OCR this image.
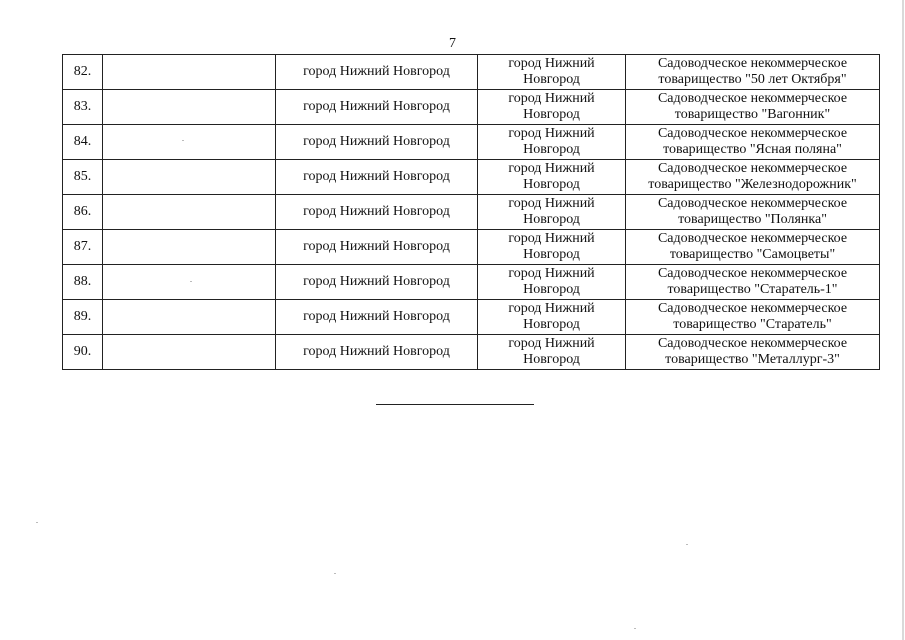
7
82.		город Нижний Новгород	город Нижний
Новгород	Садоводческое некоммерческое
товарищество "50 лет Октября"

83.		город Нижний Новгород	город Нижний
Новгород	Садоводческое некоммерческое
товарищество "Вагонник"

84.		город Нижний Новгород	город Нижний
Новгород	Садоводческое некоммерческое
товарищество "Ясная поляна"

85.		город Нижний Новгород	город Нижний
Новгород	Садоводческое некоммерческое
товарищество "Железнодорожник"

86.		город Нижний Новгород	город Нижний
Новгород	Садоводческое некоммерческое
товарищество "Полянка"

87.		город Нижний Новгород	город Нижний
Новгород	Садоводческое некоммерческое
товарищество "Самоцветы"

88.		город Нижний Новгород	город Нижний
Новгород	Садоводческое некоммерческое
товарищество "Старатель-1"

89.		город Нижний Новгород	город Нижний
Новгород	Садоводческое некоммерческое
товарищество "Старатель"

90.		город Нижний Новгород	город Нижний
Новгород	Садоводческое некоммерческое
товарищество "Металлург-3"
